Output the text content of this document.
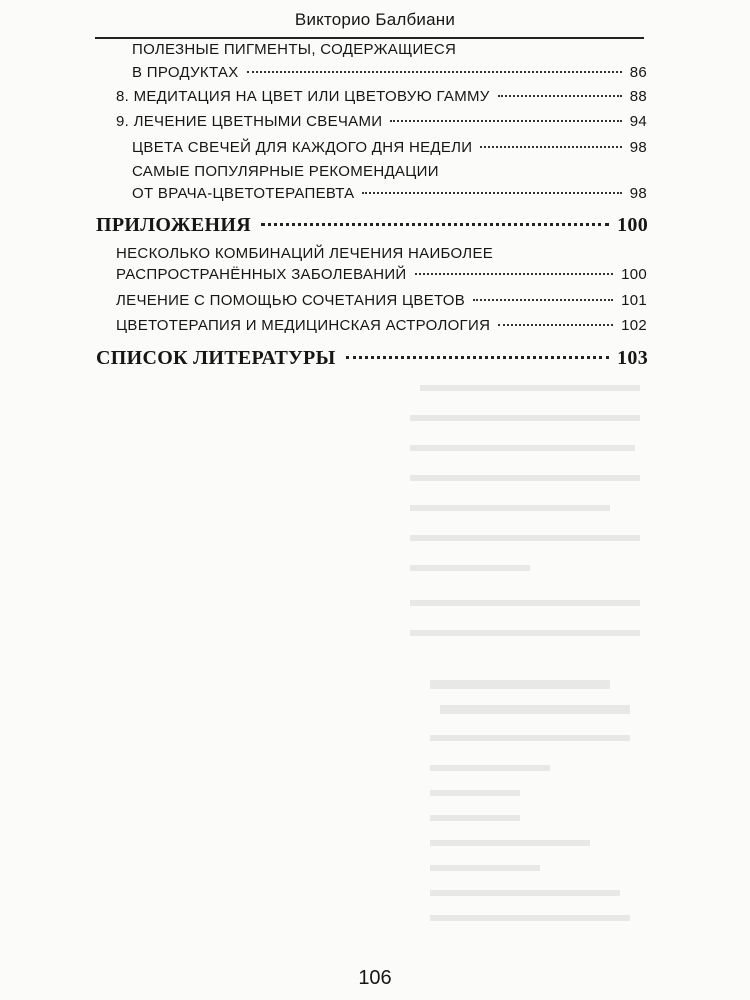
Викторио Балбиани
ПОЛЕЗНЫЕ ПИГМЕНТЫ, СОДЕРЖАЩИЕСЯ
В ПРОДУКТАХ	86
8. МЕДИТАЦИЯ НА ЦВЕТ ИЛИ ЦВЕТОВУЮ ГАММУ	88
9. ЛЕЧЕНИЕ ЦВЕТНЫМИ СВЕЧАМИ	94
ЦВЕТА СВЕЧЕЙ ДЛЯ КАЖДОГО ДНЯ НЕДЕЛИ	98
САМЫЕ ПОПУЛЯРНЫЕ РЕКОМЕНДАЦИИ
ОТ ВРАЧА-ЦВЕТОТЕРАПЕВТА	98
ПРИЛОЖЕНИЯ	100
НЕСКОЛЬКО КОМБИНАЦИЙ ЛЕЧЕНИЯ НАИБОЛЕЕ
РАСПРОСТРАНЁННЫХ ЗАБОЛЕВАНИЙ	100
ЛЕЧЕНИЕ С ПОМОЩЬЮ СОЧЕТАНИЯ ЦВЕТОВ	101
ЦВЕТОТЕРАПИЯ И МЕДИЦИНСКАЯ АСТРОЛОГИЯ	102
СПИСОК ЛИТЕРАТУРЫ	103
106
